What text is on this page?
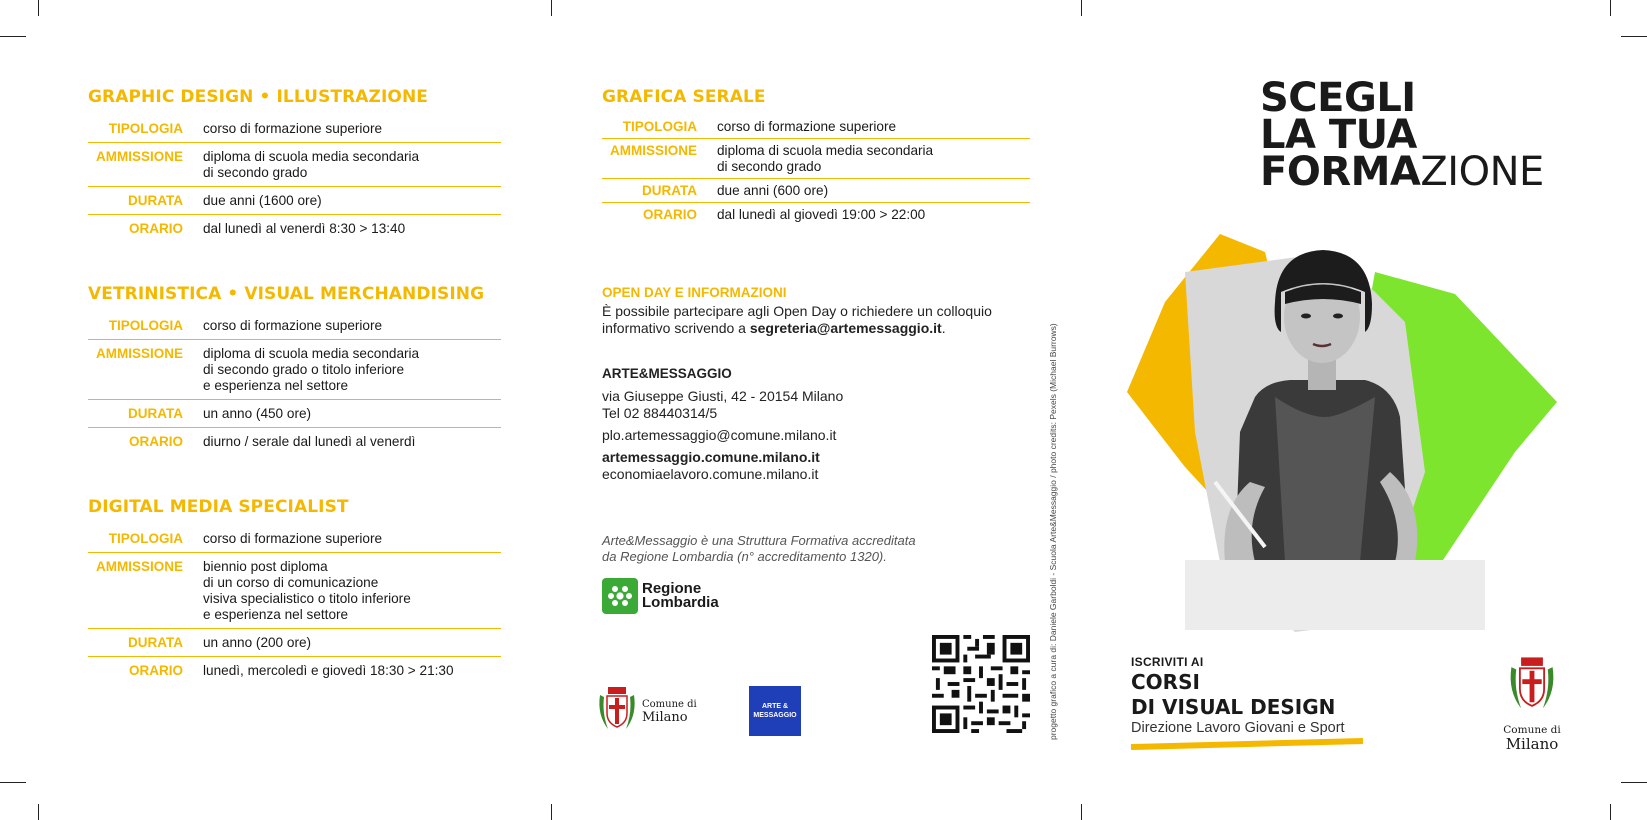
GRAPHIC DESIGN • ILLUSTRAZIONE
TIPOLOGIA	corso di formazione superiore
AMMISSIONE	diploma di scuola media secondaria
di secondo grado
DURATA	due anni (1600 ore)
ORARIO	dal lunedì al venerdì 8:30 > 13:40
VETRINISTICA • VISUAL MERCHANDISING
TIPOLOGIA	corso di formazione superiore
AMMISSIONE	diploma di scuola media secondaria
di secondo grado o titolo inferiore
e esperienza nel settore
DURATA	un anno (450 ore)
ORARIO	diurno / serale dal lunedì al venerdì
DIGITAL MEDIA SPECIALIST
TIPOLOGIA	corso di formazione superiore
AMMISSIONE	biennio post diploma
di un corso di comunicazione
visiva specialistico o titolo inferiore
e esperienza nel settore
DURATA	un anno (200 ore)
ORARIO	lunedì, mercoledì e giovedì 18:30 > 21:30
GRAFICA SERALE
TIPOLOGIA	corso di formazione superiore
AMMISSIONE	diploma di scuola media secondaria
di secondo grado
DURATA	due anni (600 ore)
ORARIO	dal lunedì al giovedì 19:00 > 22:00
OPEN DAY E INFORMAZIONI
È possibile partecipare agli Open Day o richiedere un colloquio
informativo scrivendo a segreteria@artemessaggio.it.
ARTE&MESSAGGIO
via Giuseppe Giusti, 42 - 20154 Milano
Tel 02 88440314/5
plo.artemessaggio@comune.milano.it
artemessaggio.comune.milano.it
economiaelavoro.comune.milano.it
Arte&Messaggio è una Struttura Formativa accreditata
da Regione Lombardia (n° accreditamento 1320).
Regione
Lombardia
Comune di
Milano
ARTE & MESSAGGIO	progetto grafico a cura di: Daniele Garboldi - Scuola Arte&Messaggio / photo credits: Pexels (Michael Burrows)
SCEGLI
LA TUA
FORMAZIONE
ISCRIVITI AI
CORSI
DI VISUAL DESIGN
Direzione Lavoro Giovani e Sport	Comune di
Milano
